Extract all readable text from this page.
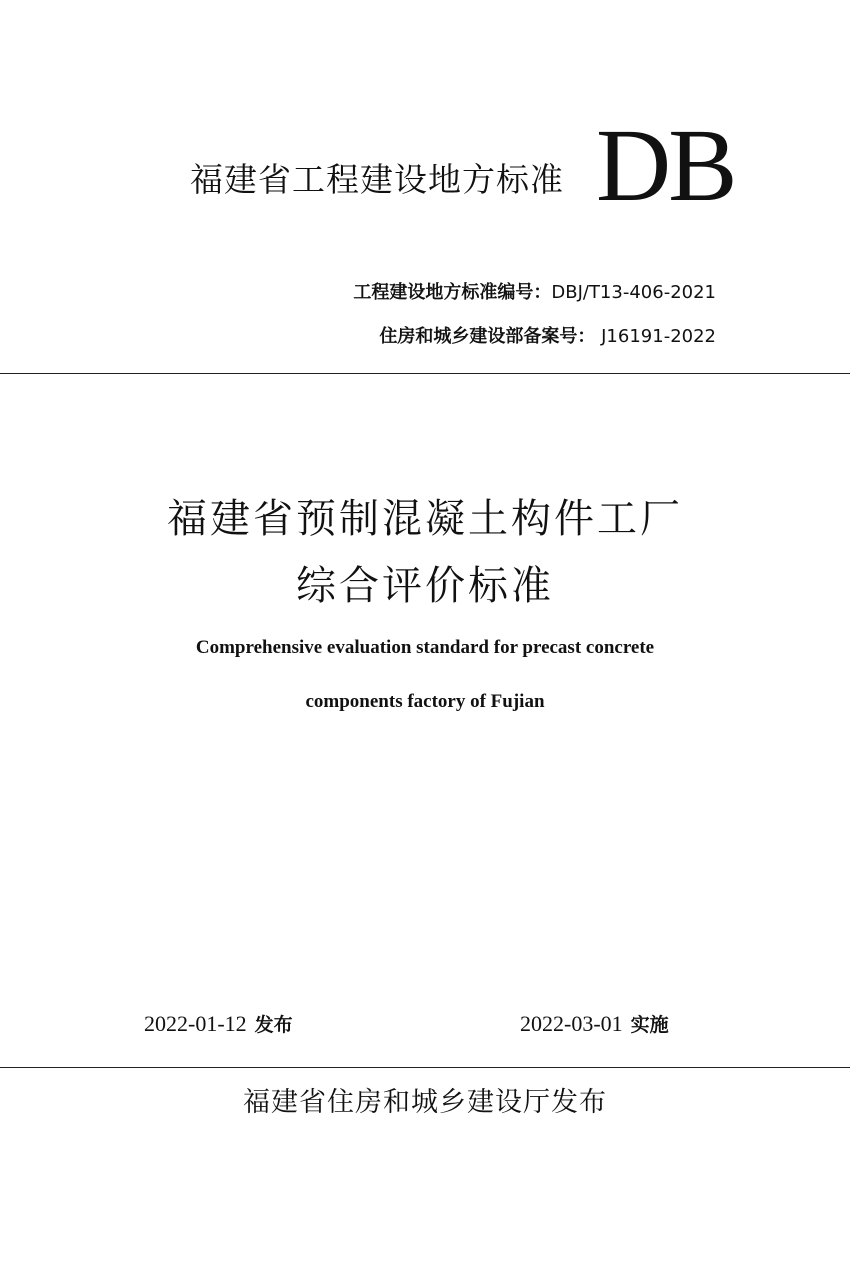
福建省工程建设地方标准 DB
工程建设地方标准编号：DBJ/T13-406-2021
住房和城乡建设部备案号： J16191-2022
福建省预制混凝土构件工厂
综合评价标准
Comprehensive evaluation standard for precast concrete
components factory of Fujian
2022-01-12 发布	2022-03-01 实施
福建省住房和城乡建设厅发布
